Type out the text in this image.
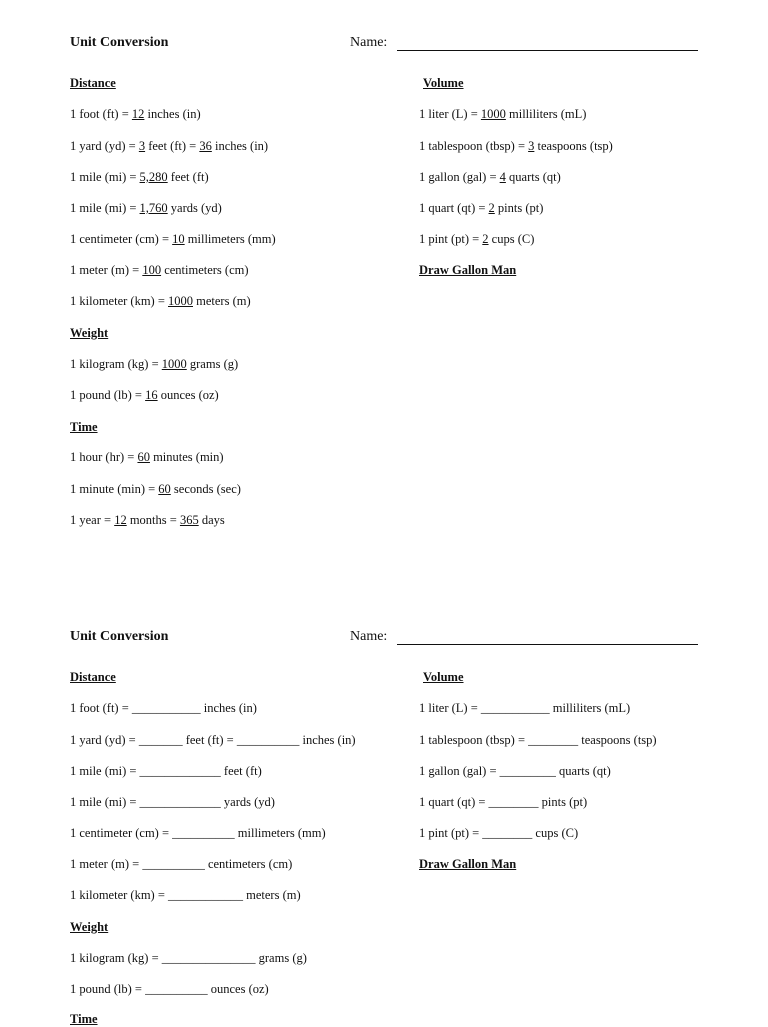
Unit Conversion	Name:
Distance
1 foot (ft) = 12 inches (in)
1 yard (yd) = 3 feet (ft) = 36 inches (in)
1 mile (mi) = 5,280 feet (ft)
1 mile (mi) = 1,760 yards (yd)
1 centimeter (cm) = 10 millimeters (mm)
1 meter (m) = 100 centimeters (cm)
1 kilometer (km) = 1000 meters (m)
Weight
1 kilogram (kg) = 1000 grams (g)
1 pound (lb) = 16 ounces (oz)
Time
1 hour (hr) = 60 minutes (min)
1 minute (min) = 60 seconds (sec)
1 year = 12 months = 365 days
Volume
1 liter (L) = 1000 milliliters (mL)
1 tablespoon (tbsp) = 3 teaspoons (tsp)
1 gallon (gal) = 4 quarts (qt)
1 quart (qt) = 2 pints (pt)
1 pint (pt) = 2 cups (C)
Draw Gallon Man
Unit Conversion	Name:
Distance
1 foot (ft) = ___________ inches (in)
1 yard (yd) = _______ feet (ft) = __________ inches (in)
1 mile (mi) = _____________ feet (ft)
1 mile (mi) = _____________ yards (yd)
1 centimeter (cm) = __________ millimeters (mm)
1 meter (m) = __________ centimeters (cm)
1 kilometer (km) = ____________ meters (m)
Weight
1 kilogram (kg) = _______________ grams (g)
1 pound (lb) = __________ ounces (oz)
Time
Volume
1 liter (L) = ___________ milliliters (mL)
1 tablespoon (tbsp) = ________ teaspoons (tsp)
1 gallon (gal) = _________ quarts (qt)
1 quart (qt) = ________ pints (pt)
1 pint (pt) = ________ cups (C)
Draw Gallon Man
